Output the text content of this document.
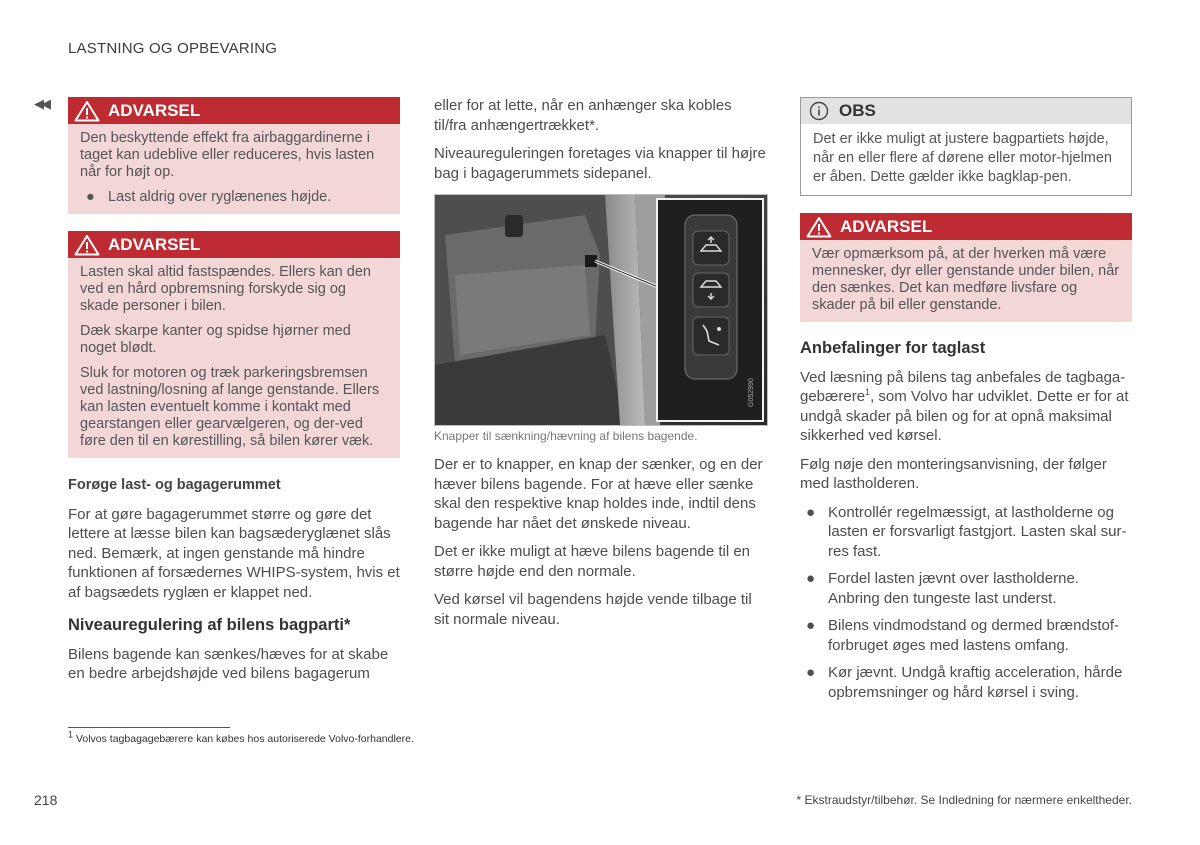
LASTNING OG OPBEVARING
◀◀	ADVARSEL

Den beskyttende effekt fra airbaggardinerne i taget kan udeblive eller reduceres, hvis lasten når for højt op.

● Last aldrig over ryglænenes højde.
ADVARSEL

Lasten skal altid fastspændes. Ellers kan den ved en hård opbremsning forskyde sig og skade personer i bilen.

Dæk skarpe kanter og spidse hjørner med noget blødt.

Sluk for motoren og træk parkeringsbremsen ved lastning/losning af lange genstande. Ellers kan lasten eventuelt komme i kontakt med gearstangen eller gearvælgeren, og der-ved føre den til en kørestilling, så bilen kører væk.

Forøge last- og bagagerummet

For at gøre bagagerummet større og gøre det lettere at læsse bilen kan bagsæderyglænet slås ned. Bemærk, at ingen genstande må hindre funktionen af forsædernes WHIPS-system, hvis et af bagsædets ryglæn er klappet ned.

Niveauregulering af bilens bagparti*

Bilens bagende kan sænkes/hæves for at skabe en bedre arbejdshøjde ved bilens bagagerum

eller for at lette, når en anhænger ska kobles til/fra anhængertrækket*.

Niveaureguleringen foretages via knapper til højre bag i bagagerummets sidepanel.

G052990
Knapper til sænkning/hævning af bilens bagende.

Der er to knapper, en knap der sænker, og en der hæver bilens bagende. For at hæve eller sænke skal den respektive knap holdes inde, indtil dens bagende har nået det ønskede niveau.

Det er ikke muligt at hæve bilens bagende til en større højde end den normale.

Ved kørsel vil bagendens højde vende tilbage til sit normale niveau.

OBS
Det er ikke muligt at justere bagpartiets højde, når en eller flere af dørene eller motor-hjelmen er åben. Dette gælder ikke bagklap-pen.
ADVARSEL
Vær opmærksom på, at der hverken må være mennesker, dyr eller genstande under bilen, når den sænkes. Det kan medføre livsfare og skader på bil eller genstande.

Anbefalinger for taglast

Ved læsning på bilens tag anbefales de tagbaga-gebærere$^1$, som Volvo har udviklet. Dette er for at undgå skader på bilen og for at opnå maksimal sikkerhed ved kørsel.

Følg nøje den monteringsanvisning, der følger med lastholderen.

● Kontrollér regelmæssigt, at lastholderne og lasten er forsvarligt fastgjort. Lasten skal sur-res fast.
● Fordel lasten jævnt over lastholderne. Anbring den tungeste last underst.
● Bilens vindmodstand og dermed brændstof-forbruget øges med lastens omfang.
● Kør jævnt. Undgå kraftig acceleration, hårde opbremsninger og hård kørsel i sving.
$^1$ Volvos tagbagagebærere kan købes hos autoriserede Volvo-forhandlere.
218	* Ekstraudstyr/tilbehør. Se Indledning for nærmere enkeltheder.
